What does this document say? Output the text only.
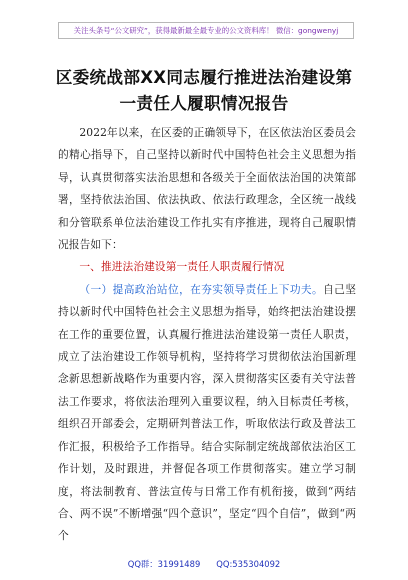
关注头条号“公文研究”，获得最新最全最专业的公文资料库！ 微信：gongwenyj
区委统战部XX同志履行推进法治建设第
一责任人履职情况报告

2022年以来，在区委的正确领导下，在区依法治区委员会的精心指导下，自己坚持以新时代中国特色社会主义思想为指导，认真贯彻落实法治思想和各级关于全面依法治国的决策部署，坚持依法治国、依法执政、依法行政理念，全区统一战线和分管联系单位法治建设工作扎实有序推进，现将自己履职情况报告如下：

一、推进法治建设第一责任人职责履行情况

（一）提高政治站位，在夯实领导责任上下功夫。自己坚持以新时代中国特色社会主义思想为指导，始终把法治建设摆在工作的重要位置，认真履行推进法治建设第一责任人职责，成立了法治建设工作领导机构，坚持将学习贯彻依法治国新理念新思想新战略作为重要内容，深入贯彻落实区委有关守法普法工作要求，将依法治理列入重要议程，纳入目标责任考核，组织召开部委会，定期研判普法工作，听取依法行政及普法工作汇报，积极给予工作指导。结合实际制定统战部依法治区工作计划，及时跟进，并督促各项工作贯彻落实。建立学习制度，将法制教育、普法宣传与日常工作有机衔接，做到“两结合、两不误”不断增强“四个意识”，坚定“四个自信”，做到“两个

QQ群：31991489 QQ:535304092
